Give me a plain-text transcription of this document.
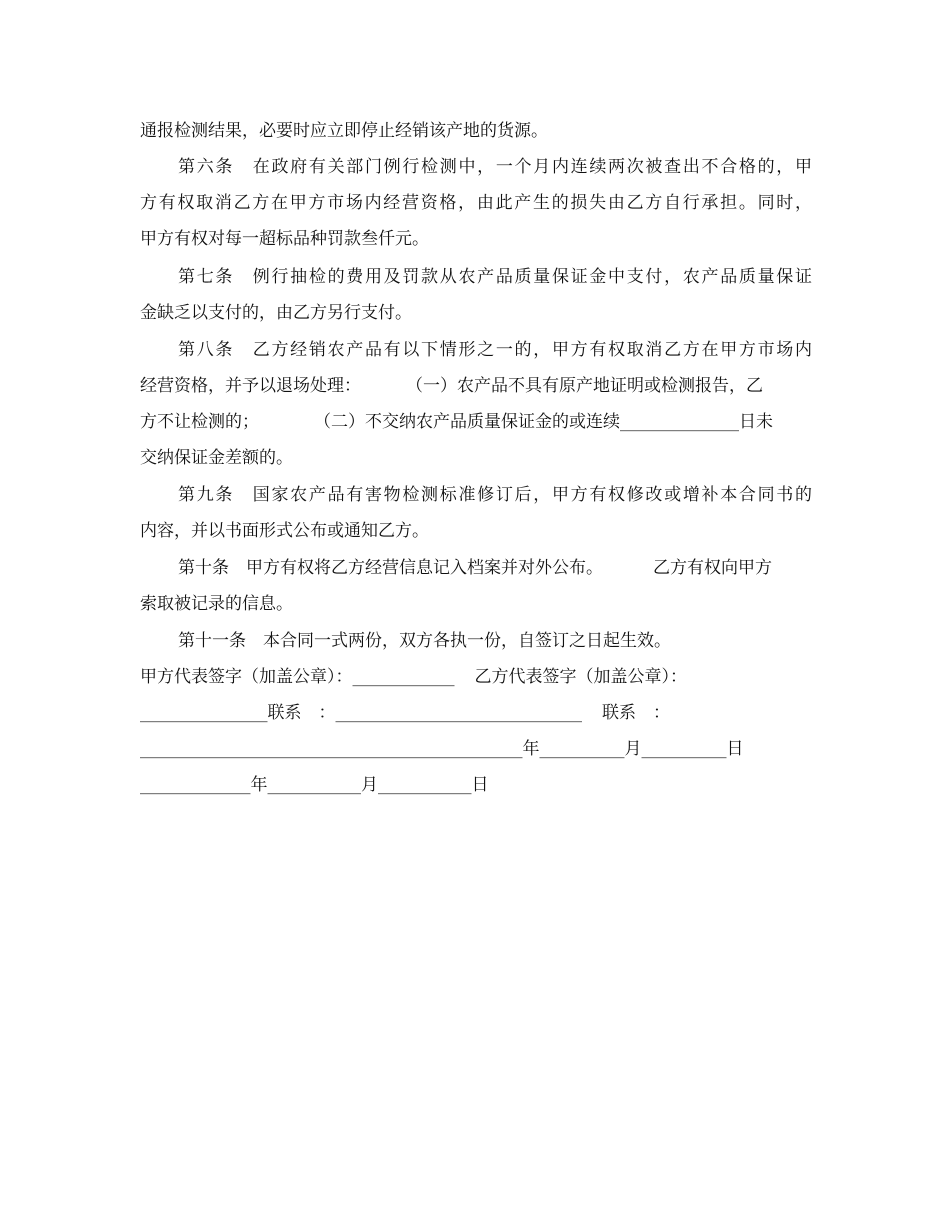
通报检测结果，必要时应立即停止经销该产地的货源。
第六条　在政府有关部门例行检测中，一个月内连续两次被查出不合格的，甲
方有权取消乙方在甲方市场内经营资格，由此产生的损失由乙方自行承担。同时，
甲方有权对每一超标品种罚款叁仟元。
第七条　例行抽检的费用及罚款从农产品质量保证金中支付，农产品质量保证
金缺乏以支付的，由乙方另行支付。
第八条　乙方经销农产品有以下情形之一的，甲方有权取消乙方在甲方市场内
经营资格，并予以退场处理：	（一）农产品不具有原产地证明或检测报告，乙
方不让检测的；	（二）不交纳农产品质量保证金的或连续______________日未
交纳保证金差额的。
第九条　国家农产品有害物检测标准修订后，甲方有权修改或增补本合同书的
内容，并以书面形式公布或通知乙方。
第十条　甲方有权将乙方经营信息记入档案并对外公布。	乙方有权向甲方
索取被记录的信息。
第十一条　本合同一式两份，双方各执一份，自签订之日起生效。
甲方代表签字（加盖公章）：____________ 乙方代表签字（加盖公章）：
_______________联系　：_____________________________ 联系　：
_____________________________________________年__________月__________日
_____________年___________月___________日
